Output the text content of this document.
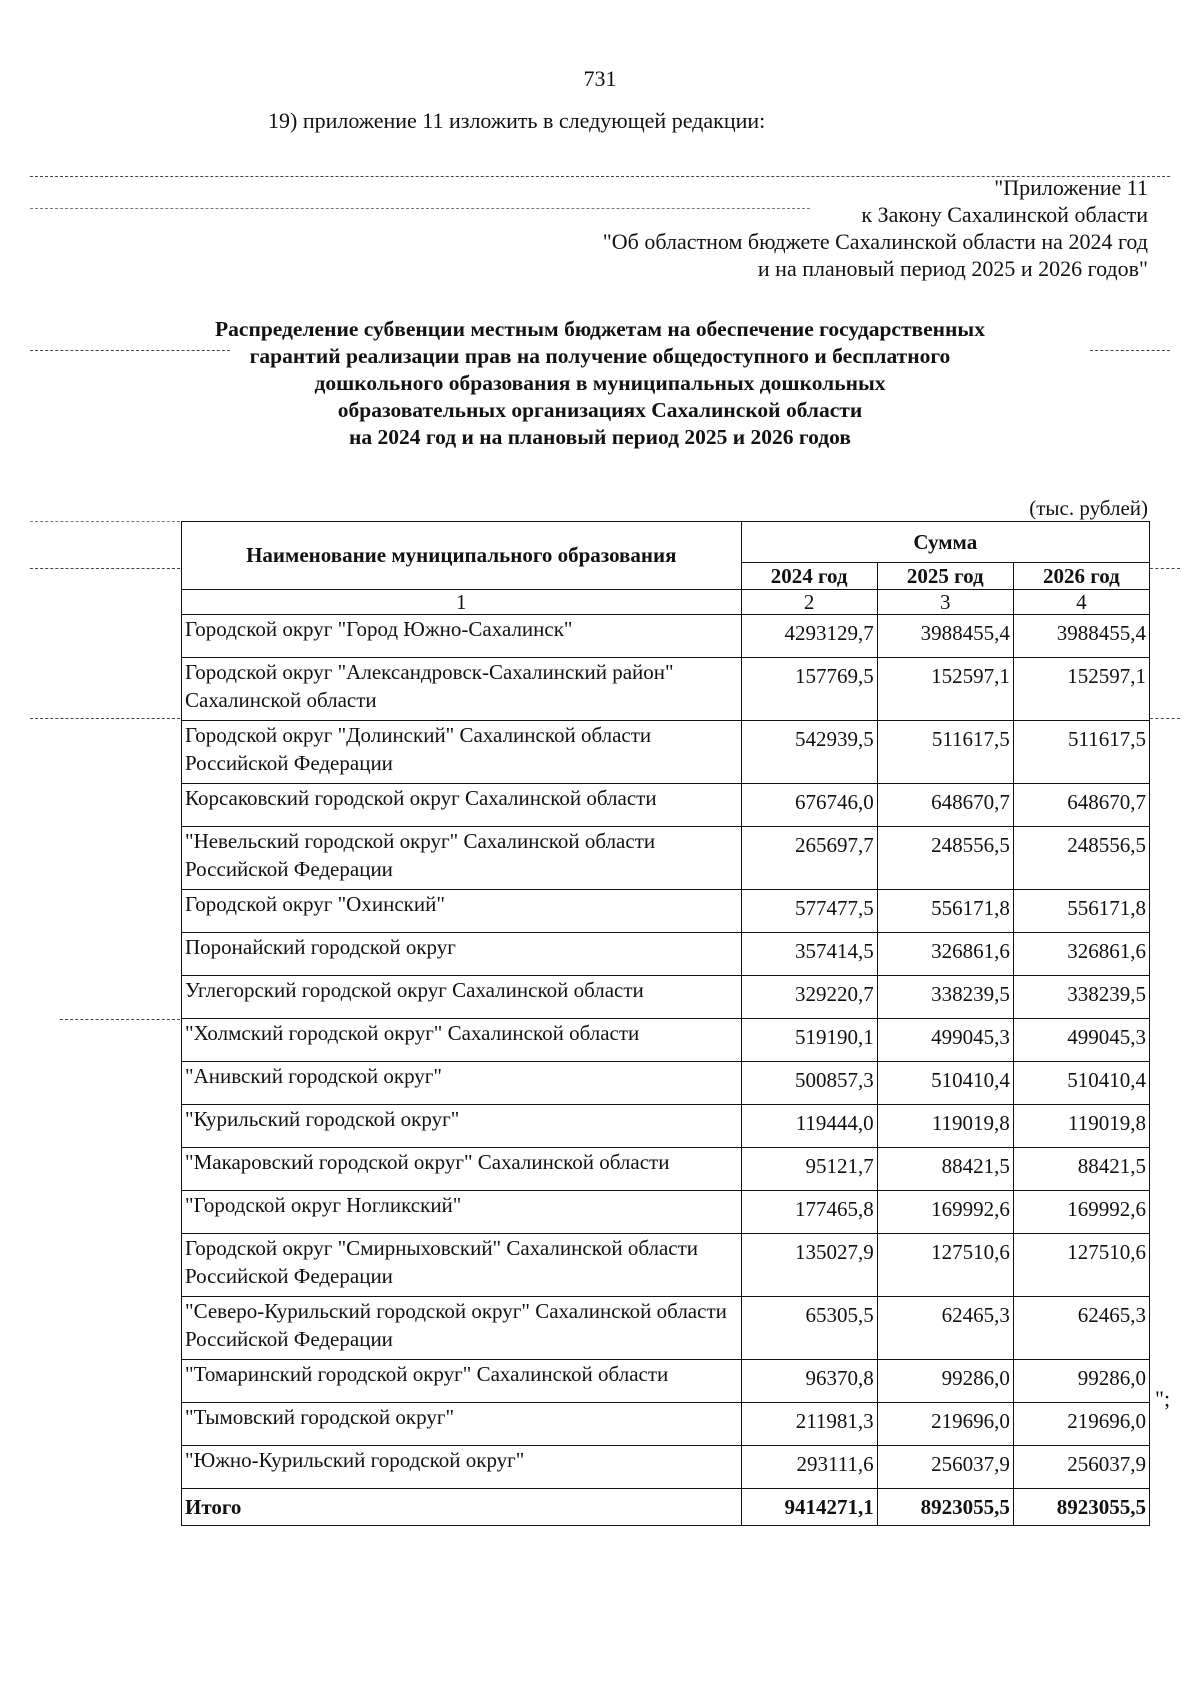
731
19) приложение 11 изложить в следующей редакции:
"Приложение 11
к Закону Сахалинской области
"Об областном бюджете Сахалинской области на 2024 год
и на плановый период 2025 и 2026 годов"
Распределение субвенции местным бюджетам на обеспечение государственных
гарантий реализации прав на получение общедоступного и бесплатного
дошкольного образования в муниципальных дошкольных
образовательных организациях Сахалинской области
на 2024 год и на плановый период 2025 и 2026 годов
(тыс. рублей)
Наименование муниципального образования	Сумма		
	2024 год	2025 год	2026 год
1	2	3	4
Городской округ "Город Южно-Сахалинск"	4293129,7	3988455,4	3988455,4
Городской округ "Александровск-Сахалинский район" Сахалинской области	157769,5	152597,1	152597,1
Городской округ "Долинский" Сахалинской области Российской Федерации	542939,5	511617,5	511617,5
Корсаковский городской округ Сахалинской области	676746,0	648670,7	648670,7
"Невельский городской округ" Сахалинской области Российской Федерации	265697,7	248556,5	248556,5
Городской округ "Охинский"	577477,5	556171,8	556171,8
Поронайский городской округ	357414,5	326861,6	326861,6
Углегорский городской округ Сахалинской области	329220,7	338239,5	338239,5
"Холмский городской округ" Сахалинской области	519190,1	499045,3	499045,3
"Анивский городской округ"	500857,3	510410,4	510410,4
"Курильский городской округ"	119444,0	119019,8	119019,8
"Макаровский городской округ" Сахалинской области	95121,7	88421,5	88421,5
"Городской округ Ногликский"	177465,8	169992,6	169992,6
Городской округ "Смирныховский" Сахалинской области Российской Федерации	135027,9	127510,6	127510,6
"Северо-Курильский городской округ" Сахалинской области Российской Федерации	65305,5	62465,3	62465,3
"Томаринский городской округ" Сахалинской области	96370,8	99286,0	99286,0
"Тымовский городской округ"	211981,3	219696,0	219696,0
"Южно-Курильский городской округ"	293111,6	256037,9	256037,9
Итого	9414271,1	8923055,5	8923055,5
";
